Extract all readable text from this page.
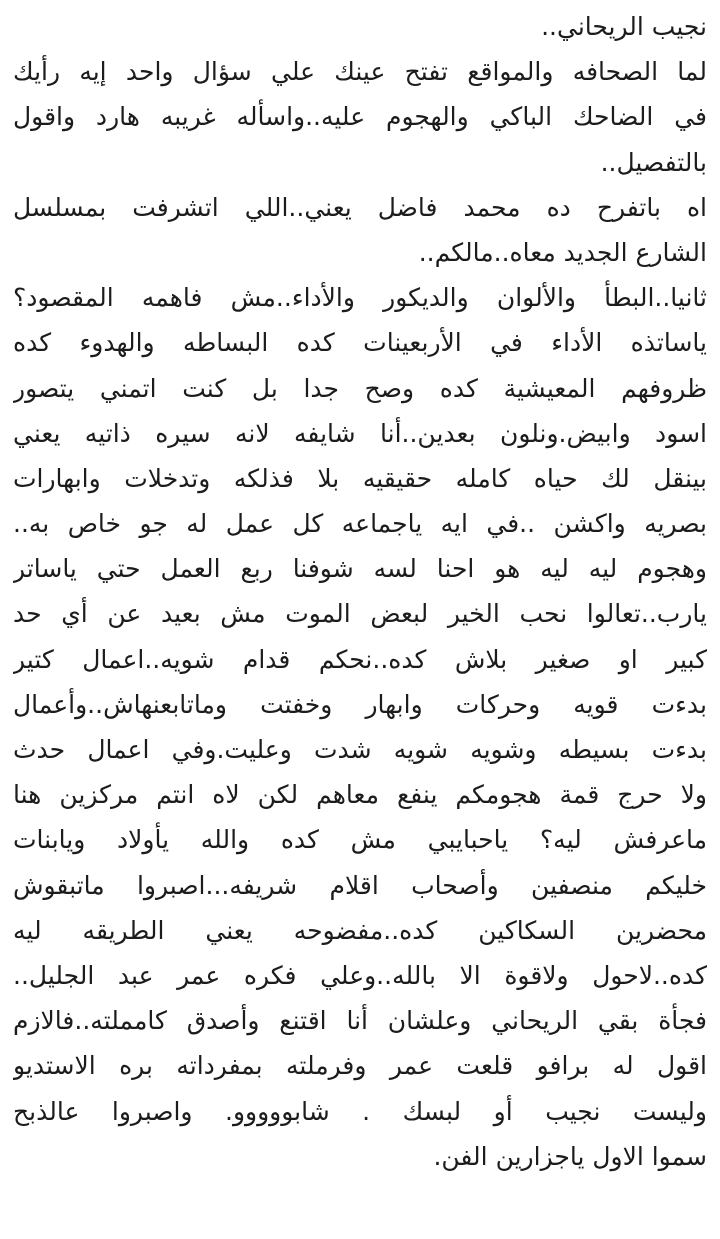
نجيب الريحاني..
لما الصحافه والمواقع تفتح عينك علي سؤال واحد إيه رأيك
في الضاحك الباكي والهجوم عليه..واسأله غريبه هارد واقول
بالتفصيل..
اه باتفرح ده محمد فاضل يعني..اللي اتشرفت بمسلسل
الشارع الجديد معاه..مالكم..
ثانيا..البطأ والألوان والديكور والأداء..مش فاهمه المقصود؟
ياساتذه الأداء في الأربعينات كده البساطه والهدوء كده
ظروفهم المعيشية كده وصح جدا بل كنت اتمني يتصور
اسود وابيض.ونلون بعدين..أنا شايفه لانه سيره ذاتيه يعني
بينقل لك حياه كامله حقيقيه بلا فذلكه وتدخلات وابهارات
بصريه واكشن ..في ايه ياجماعه كل عمل له جو خاص به..
وهجوم ليه ليه هو احنا لسه شوفنا ربع العمل حتي ياساتر
يارب..تعالوا نحب الخير لبعض الموت مش بعيد عن أي حد
كبير او صغير بلاش كده..نحكم قدام شويه..اعمال كتير
بدءت قويه وحركات وابهار وخفتت وماتابعنهاش..وأعمال
بدءت بسيطه وشويه شويه شدت وعليت.وفي اعمال حدث
ولا حرج قمة هجومكم ينفع معاهم لكن لاه انتم مركزين هنا
ماعرفش ليه؟ ياحبايبي مش كده والله يأولاد ويابنات
خليكم منصفين وأصحاب اقلام شريفه...اصبروا ماتبقوش
محضرين السكاكين كده..مفضوحه يعني الطريقه ليه
كده..لاحول ولاقوة الا بالله..وعلي فكره عمر عبد الجليل..
فجأة بقي الريحاني وعلشان أنا اقتنع وأصدق كامملته..فالازم
اقول له برافو قلعت عمر وفرملته بمفرداته بره الاستديو
وليست نجيب أو لبسك . شابووووو. واصبروا عالذبح
سموا الاول ياجزارين الفن.
